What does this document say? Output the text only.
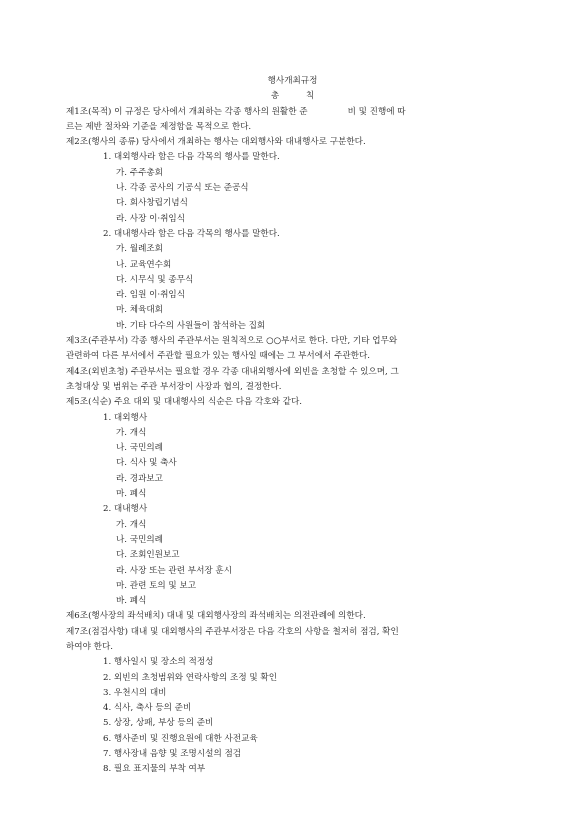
행사개최규정
총 칙
제1조(목적) 이 규정은 당사에서 개최하는 각종 행사의 원활한 준	비 및 진행에 따
르는 제반 절차와 기준을 제정함을 목적으로 한다.
제2조(행사의 종류) 당사에서 개최하는 행사는 대외행사와 대내행사로 구분한다.
1. 대외행사라 함은 다음 각목의 행사를 말한다.
가. 주주총회
나. 각종 공사의 기공식 또는 준공식
다. 회사창립기념식
라. 사장 이·취임식
2. 대내행사라 함은 다음 각목의 행사를 말한다.
가. 월례조회
나. 교육연수회
다. 시무식 및 종무식
라. 임원 이·취임식
마. 체육대회
바. 기타 다수의 사원들이 참석하는 집회
제3조(주관부서) 각종 행사의 주관부서는 원칙적으로 ○○부서로 한다. 다만, 기타 업무와
관련하여 다른 부서에서 주관할 필요가 있는 행사일 때에는 그 부서에서 주관한다.
제4조(외빈초청) 주관부서는 필요할 경우 각종 대내외행사에 외빈을 초청할 수 있으며, 그
초청대상 및 범위는 주관 부서장이 사장과 협의, 결정한다.
제5조(식순) 주요 대외 및 대내행사의 식순은 다음 각호와 같다.
1. 대외행사
가. 개식
나. 국민의례
다. 식사 및 축사
라. 경과보고
마. 폐식
2. 대내행사
가. 개식
나. 국민의례
다. 조회인원보고
라. 사장 또는 관련 부서장 훈시
마. 관련 토의 및 보고
바. 폐식
제6조(행사장의 좌석배치) 대내 및 대외행사장의 좌석배치는 의전관례에 의한다.
제7조(점검사항) 대내 및 대외행사의 주관부서장은 다음 각호의 사항을 철저히 점검, 확인
하여야 한다.
1. 행사일시 및 장소의 적정성
2. 외빈의 초청범위와 연락사항의 조정 및 확인
3. 우천시의 대비
4. 식사, 축사 등의 준비
5. 상장, 상패, 부상 등의 준비
6. 행사준비 및 진행요원에 대한 사전교육
7. 행사장내 음향 및 조명시설의 점검
8. 필요 표지물의 부착 여부
